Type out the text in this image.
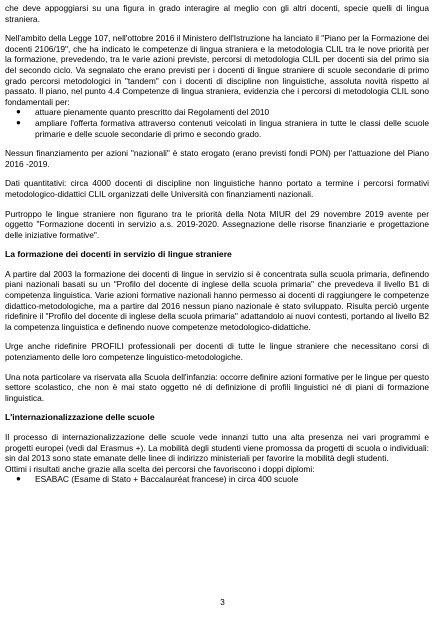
che deve appoggiarsi su una figura in grado interagire al meglio con gli altri docenti, specie quelli di lingua straniera.

Nell'ambito della Legge 107, nell'ottobre 2016 il Ministero dell'Istruzione ha lanciato il "Piano per la Formazione dei docenti 2106/19", che ha indicato le competenze di lingua straniera e la metodologia CLIL tra le nove priorità per la formazione, prevedendo, tra le varie azioni previste, percorsi di metodologia CLIL per docenti sia del primo sia del secondo ciclo. Va segnalato che erano previsti per i docenti di lingue straniere di scuole secondarie di primo grado percorsi metodologici in "tandem" con i docenti di discipline non linguistiche, assoluta novità rispetto al passato. Il piano, nel punto 4.4 Competenze di lingua straniera, evidenzia che i percorsi di metodologia CLIL sono fondamentali per:

● attuare pienamente quanto prescritto dai Regolamenti del 2010
● ampliare l'offerta formativa attraverso contenuti veicolati in lingua straniera in tutte le classi delle scuole primarie e delle scuole secondarie di primo e secondo grado.

Nessun finanziamento per azioni "nazionali" è stato erogato (erano previsti fondi PON) per l'attuazione del Piano 2016 -2019.

Dati quantitativi: circa 4000 docenti di discipline non linguistiche hanno portato a termine i percorsi formativi metodologico-didattici CLIL organizzati delle Università con finanziamenti nazionali.

Purtroppo le lingue straniere non figurano tra le priorità della Nota MIUR del 29 novembre 2019 avente per oggetto "Formazione docenti in servizio a.s. 2019-2020. Assegnazione delle risorse finanziarie e progettazione delle iniziative formative".

La formazione dei docenti in servizio di lingue straniere

A partire dal 2003 la formazione dei docenti di lingue in servizio si è concentrata sulla scuola primaria, definendo piani nazionali basati su un "Profilo del docente di inglese della scuola primaria" che prevedeva il livello B1 di competenza linguistica. Varie azioni formative nazionali hanno permesso ai docenti di raggiungere le competenze didattico-metodologiche, ma a partire dal 2016 nessun piano nazionale è stato sviluppato. Risulta perciò urgente ridefinire il "Profilo del docente di inglese della scuola primaria" adattandolo ai nuovi contesti, portando al livello B2 la competenza linguistica e definendo nuove competenze metodologico-didattiche.

Urge anche ridefinire PROFILI professionali per docenti di tutte le lingue straniere che necessitano corsi di potenziamento delle loro competenze linguistico-metodologiche.

Una nota particolare va riservata alla Scuola dell'infanzia: occorre definire azioni formative per le lingue per questo settore scolastico, che non è mai stato oggetto né di definizione di profili linguistici né di piani di formazione linguistica.

L'internazionalizzazione delle scuole

Il processo di internazionalizzazione delle scuole vede innanzi tutto una alta presenza nei vari programmi e progetti europei (vedi dal Erasmus +). La mobilità degli studenti viene promossa da progetti di scuola o individuali: sin dal 2013 sono state emanate delle linee di indirizzo ministeriali per favorire la mobilità degli studenti.

Ottimi i risultati anche grazie alla scelta dei percorsi che favoriscono i doppi diplomi:

● ESABAC (Esame di Stato + Baccalauréat francese) in circa 400 scuole
3
